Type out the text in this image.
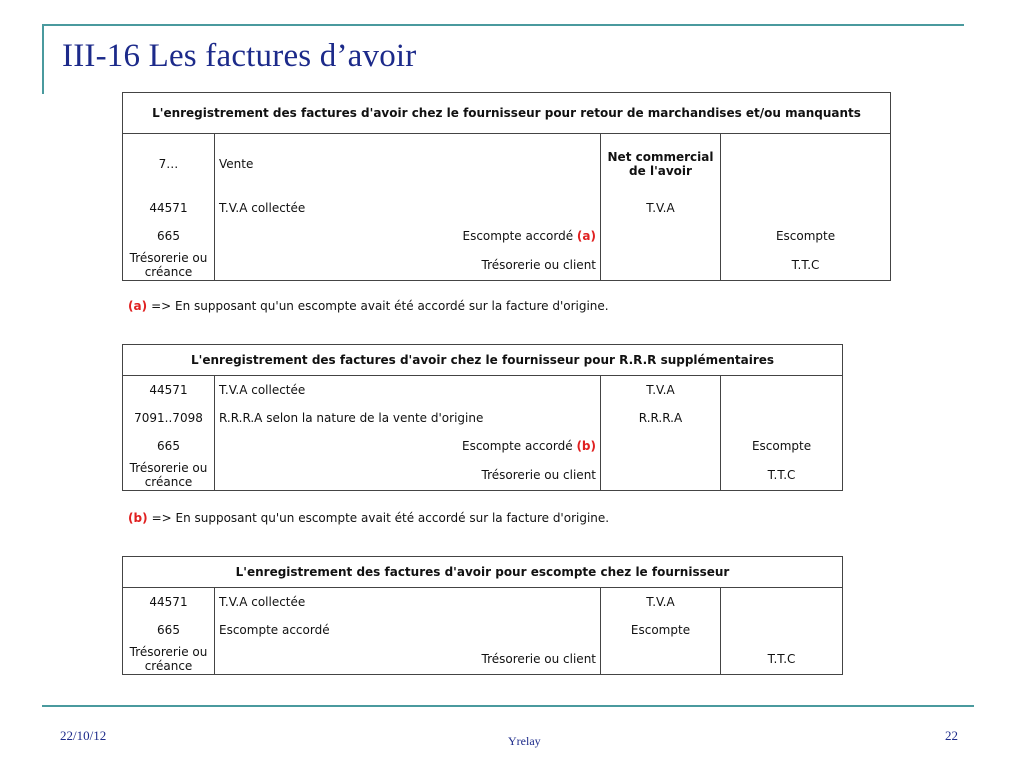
III-16 Les factures d’avoir
L'enregistrement des factures d'avoir chez le fournisseur pour retour de marchandises et/ou manquants			
7…	Vente	Net commercial de l'avoir	
44571	T.V.A collectée	T.V.A	
665	Escompte accordé (a)		Escompte
Trésorerie ou créance	Trésorerie ou client		T.T.C

(a) => En supposant qu'un escompte avait été accordé sur la facture d'origine.

L'enregistrement des factures d'avoir chez le fournisseur pour R.R.R supplémentaires			
44571	T.V.A collectée	T.V.A	
7091..7098	R.R.R.A selon la nature de la vente d'origine	R.R.R.A	
665	Escompte accordé (b)		Escompte
Trésorerie ou créance	Trésorerie ou client		T.T.C

(b) => En supposant qu'un escompte avait été accordé sur la facture d'origine.

L'enregistrement des factures d'avoir pour escompte chez le fournisseur			
44571	T.V.A collectée	T.V.A	
665	Escompte accordé	Escompte	
Trésorerie ou créance	Trésorerie ou client		T.T.C
22/10/12	Yrelay	22
